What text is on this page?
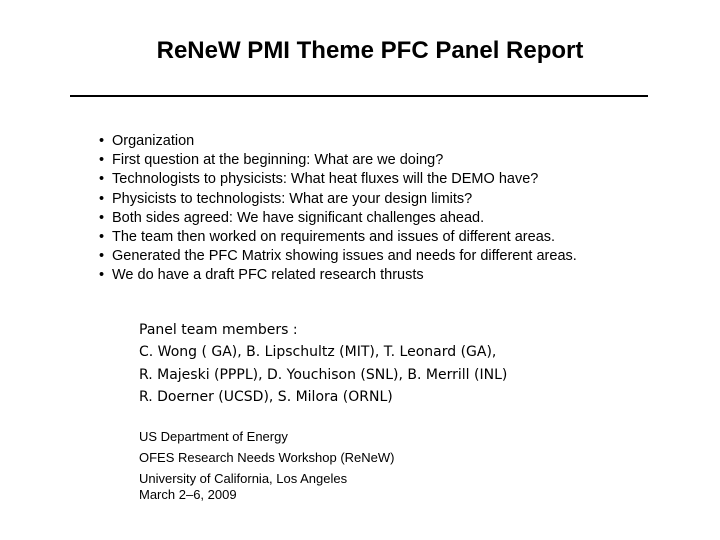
ReNeW PMI Theme PFC Panel Report
• Organization
• First question at the beginning: What are we doing?
• Technologists to physicists: What heat fluxes will the DEMO have?
• Physicists to technologists: What are your design limits?
• Both sides agreed: We have significant challenges ahead.
• The team then worked on requirements and issues of different areas.
• Generated the PFC Matrix showing issues and needs for different areas.
• We do have a draft PFC related research thrusts
Panel team members :
C. Wong ( GA), B. Lipschultz (MIT), T. Leonard (GA),
R. Majeski (PPPL), D. Youchison (SNL), B. Merrill (INL)
R. Doerner (UCSD), S. Milora (ORNL)
US Department of Energy
OFES Research Needs Workshop (ReNeW)
University of California, Los Angeles
March 2–6, 2009
